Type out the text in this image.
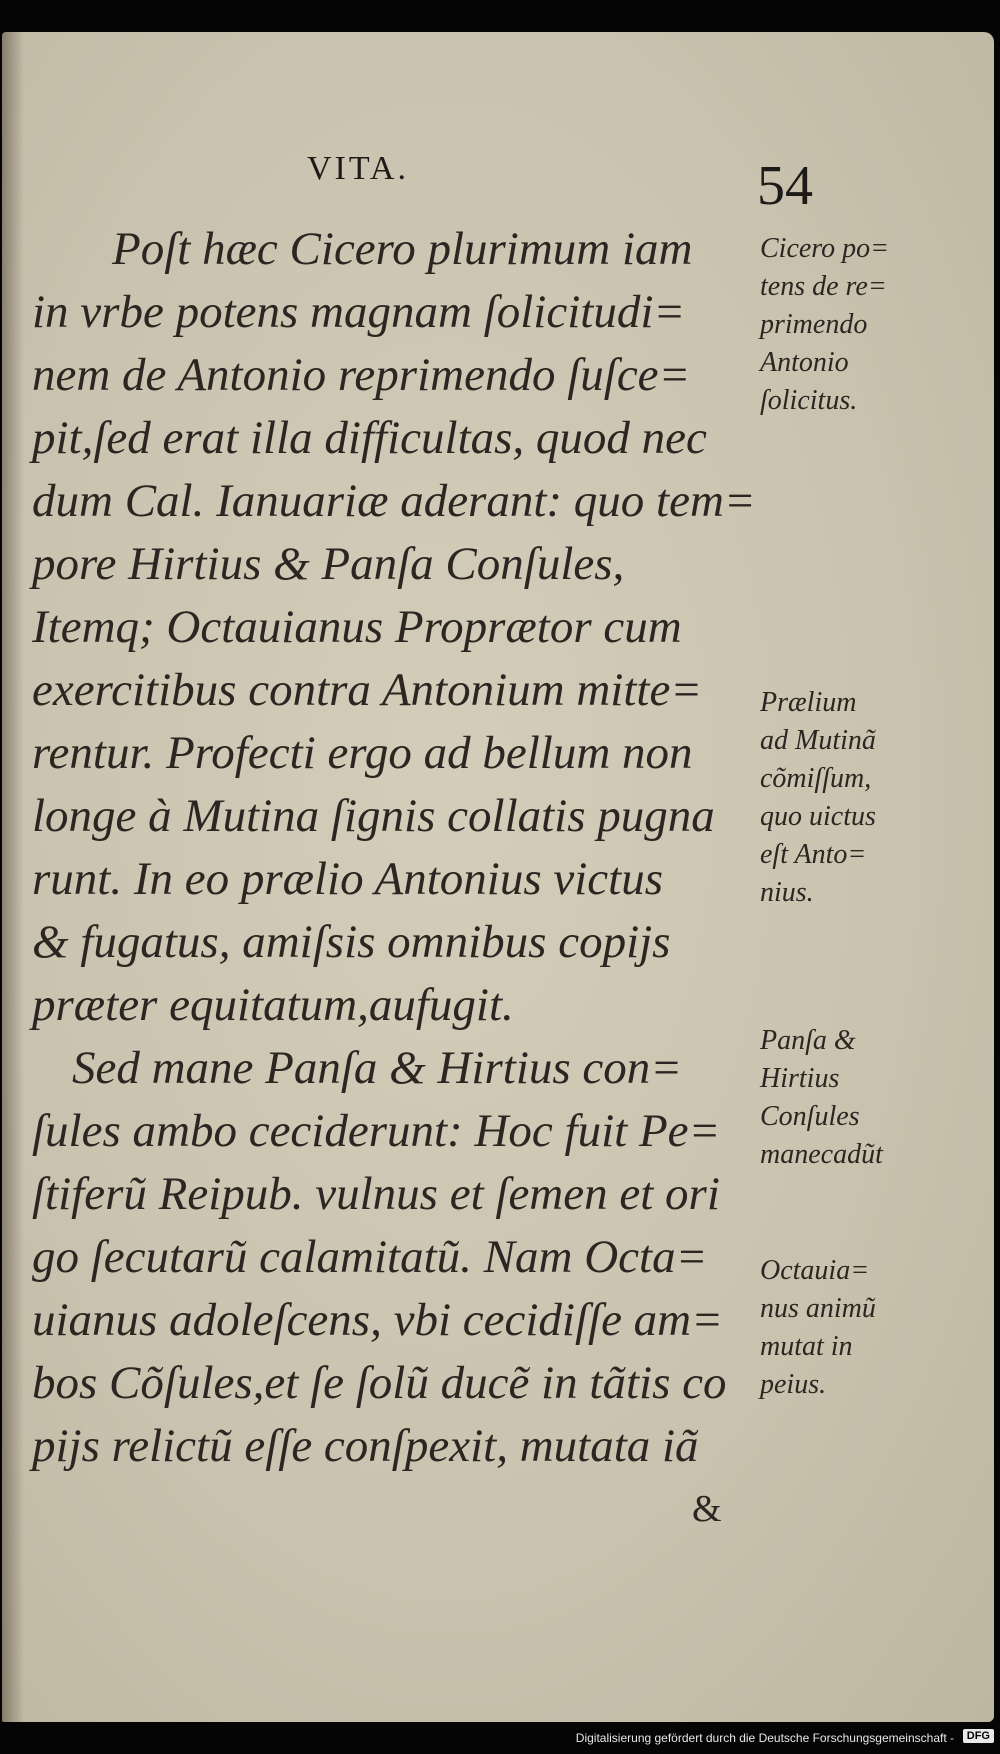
VITA.	54
Poſt hæc Cicero plurimum iam
in vrbe potens magnam ſolicitudi=
nem de Antonio reprimendo ſuſce=
pit,ſed erat illa difficultas, quod nec
dum Cal. Ianuariæ aderant: quo tem=
pore Hirtius & Panſa Conſules,
Itemq; Octauianus Proprætor cum
exercitibus contra Antonium mitte=
rentur. Profecti ergo ad bellum non
longe à Mutina ſignis collatis pugna
runt. In eo prælio Antonius victus
& fugatus, amiſsis omnibus copijs
præter equitatum,aufugit.
Sed mane Panſa & Hirtius con=
ſules ambo ceciderunt: Hoc fuit Pe=
ſtiferũ Reipub. vulnus et ſemen et ori
go ſecutarũ calamitatũ. Nam Octa=
uianus adoleſcens, vbi cecidiſſe am=
bos Cõſules,et ſe ſolũ ducẽ in tãtis co
pijs relictũ eſſe conſpexit, mutata iã
&
Cicero po=
tens de re=
primendo
Antonio
ſolicitus.
Prælium
ad Mutinã
cõmiſſum,
quo uictus
eſt Anto=
nius.
Panſa &
Hirtius
Conſules
manecadũt
Octauia=
nus animũ
mutat in
peius.
Digitalisierung gefördert durch die Deutsche Forschungsgemeinschaft -	DFG
